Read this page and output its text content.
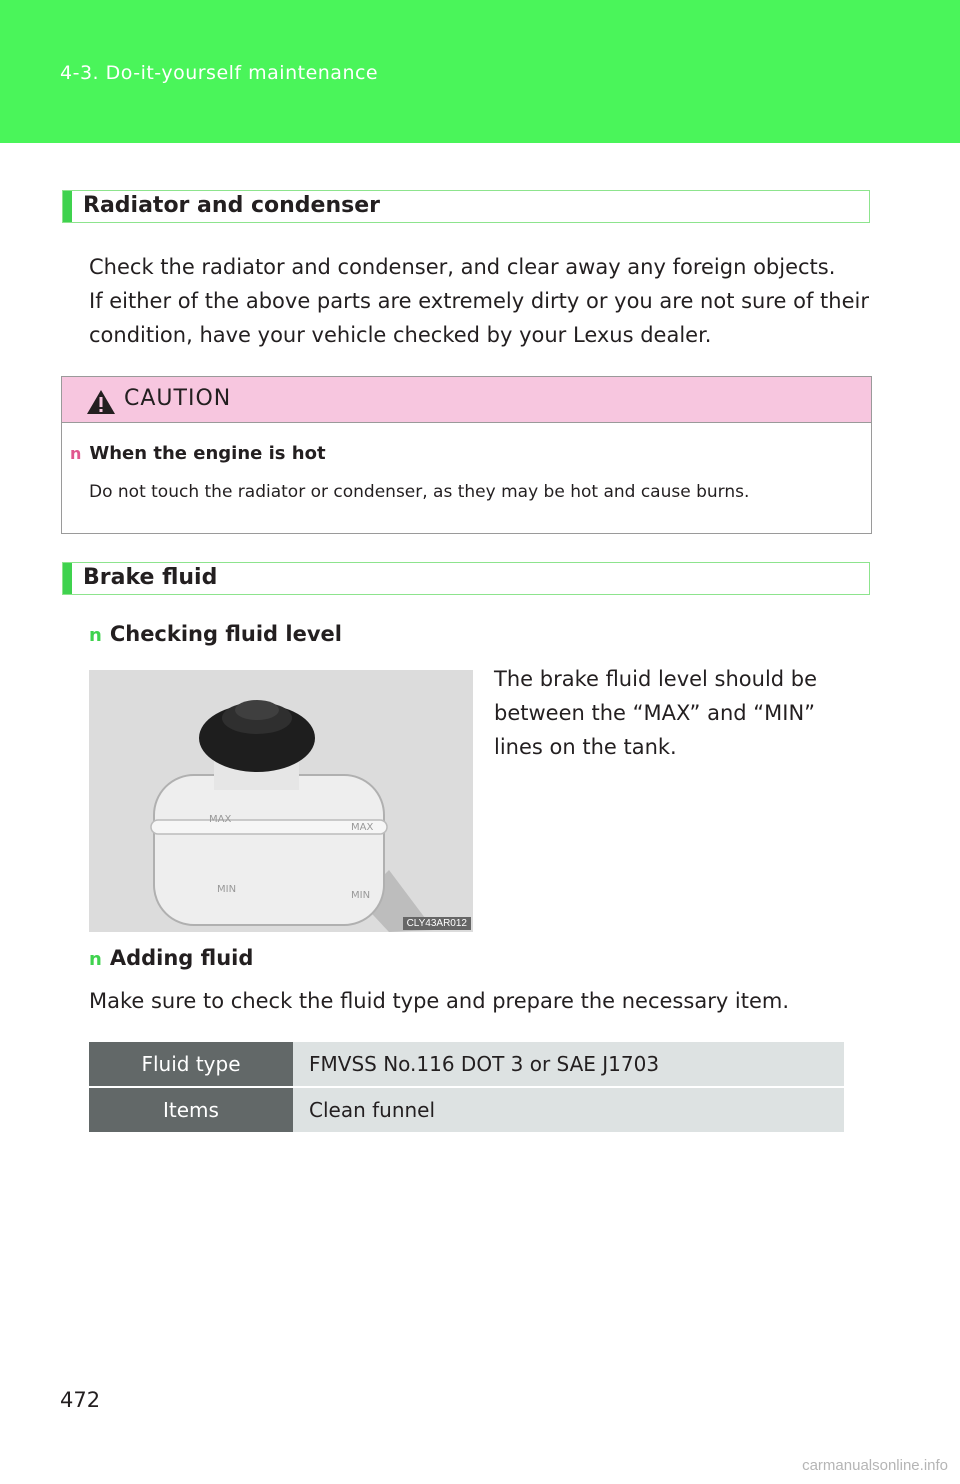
4-3. Do-it-yourself maintenance
Radiator and condenser
Check the radiator and condenser, and clear away any foreign objects.
If either of the above parts are extremely dirty or you are not sure of their
condition, have your vehicle checked by your Lexus dealer.
CAUTION
n When the engine is hot
Do not touch the radiator or condenser, as they may be hot and cause burns.
Brake fluid
n Checking fluid level
MAX
MAX
MIN
MIN
CLY43AR012
The brake fluid level should be
between the “MAX” and “MIN”
lines on the tank.
n Adding fluid
Make sure to check the fluid type and prepare the necessary item.
Fluid type	FMVSS No.116 DOT 3 or SAE J1703
Items	Clean funnel
472
carmanualsonline.info
